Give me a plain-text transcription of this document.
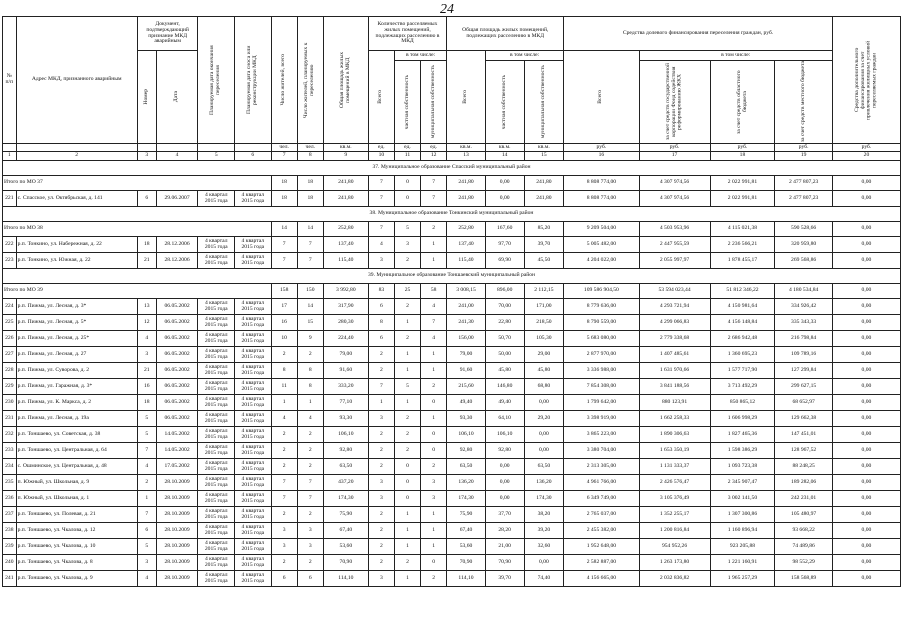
24
№ п/п	Адрес МКД, признанного аварийным	Документ, подтверждающий признание МКД аварийным		Планируемая дата окончания переселения	Планируемая дата сноса или реконструкции МКД	Число жителей, всего	Число жителей, планируемых к переселению	Общая площадь жилых помещений в МКД	Количество расселяемых жилых помещений, подлежащих расселению в МКД			Общая площадь жилых помещений, подлежащих расселению в МКД			Средства долевого финансирования переселения граждан, руб.				Средства дополнительного финансирования за счет привлечения жилищных условий переселяемых граждан

		Номер	Дата						Всего	в том числе:		Всего	в том числе:		Всего	в том числе:			

										частная собственность	муниципальная собственность		частная собственность	муниципальная собственность		за счет средств государственной корпорации Фонд содействия реформированию ЖКХ	за счет средств областного бюджета	за счет средств местного бюджета	

						чел.	чел.	кв.м.	ед.	ед.	ед.	кв.м.	кв.м.	кв.м.	руб.	руб.	руб.	руб.	руб.
1	2	3	4	5	6	7	8	9	10	11	12	13	14	15	16	17	18	19	20
37. Муниципальное образование Спасский муниципальный район																			
Итого по МО 37						18	18	241,80	7	0	7	241,80	0,00	241,80	8 808 774,00	4 307 974,56	2 022 991,81	2 477 807,23	0,00
221	с. Спасское, ул. Октябрьская, д. 141	6	29.06.2007	4 квартал 2015 года	4 квартал 2015 года	18	18	241,80	7	0	7	241,80	0,00	241,80	8 808 774,00	4 307 974,56	2 022 991,81	2 477 807,23	0,00
38. Муниципальное образование Тонкинский муниципальный район																			
Итого по МО 38						14	14	252,80	7	5	2	252,80	167,60	85,20	9 209 504,00	4 503 953,96	4 115 021,38	590 528,66	0,00
222	р.п. Тонкино, ул. Набережная, д. 22	18	28.12.2006	4 квартал 2015 года	4 квартал 2015 года	7	7	137,40	4	3	1	137,40	97,70	39,70	5 005 482,00	2 447 955,59	2 236 566,21	320 959,80	0,00
223	р.п. Тонкино, ул. Южная, д. 22	21	28.12.2006	4 квартал 2015 года	4 квартал 2015 года	7	7	115,40	3	2	1	115,40	69,90	45,50	4 204 022,00	2 055 997,97	1 878 455,17	269 568,86	0,00
39. Муниципальное образование Тоншаевский муниципальный район																			
Итого по МО 39						158	150	3 992,80	83	25	58	3 008,15	896,00	2 112,15	109 586 904,50	53 594 023,44	51 812 346,22	4 180 534,84	0,00
224	р.п. Пижма, ул. Лесная, д. 3*	13	06.05.2002	4 квартал 2015 года	4 квартал 2015 года	17	14	317,90	6	2	4	241,00	70,00	171,00	8 779 636,00	4 293 721,94	4 150 981,64	334 926,42	0,00
225	р.п. Пижма, ул. Лесная, д. 5*	12	06.05.2002	4 квартал 2015 года	4 квартал 2015 года	16	15	280,30	8	1	7	241,30	22,80	218,50	8 790 559,00	4 299 066,83	4 156 148,84	335 343,33	0,00
226	р.п. Пижма, ул. Лесная, д. 25*	4	06.05.2002	4 квартал 2015 года	4 квартал 2015 года	10	9	224,40	6	2	4	156,00	50,70	105,30	5 683 080,00	2 779 338,68	2 686 942,48	216 798,84	0,00
227	р.п. Пижма, ул. Лесная, д. 27	3	06.05.2002	4 квартал 2015 года	4 квартал 2015 года	2	2	79,00	2	1	1	79,00	50,00	29,00	2 877 970,00	1 407 485,61	1 360 695,23	109 789,16	0,00
228	р.п. Пижма, ул. Суворова, д. 2	21	06.05.2002	4 квартал 2015 года	4 квартал 2015 года	8	8	91,60	2	1	1	91,60	45,80	45,80	3 336 988,00	1 631 970,66	1 577 717,90	127 299,84	0,00
229	р.п. Пижма, ул. Гаражная, д. 3*	16	06.05.2002	4 квартал 2015 года	4 квартал 2015 года	11	8	333,20	7	5	2	215,60	146,80	68,80	7 854 308,00	3 841 188,56	3 713 492,29	299 627,15	0,00
230	р.п. Пижма, ул. К. Маркса, д. 2	18	06.05.2002	4 квартал 2015 года	4 квартал 2015 года	1	1	77,10	1	1	0	49,40	49,40	0,00	1 799 642,00	880 123,91	850 865,12	68 652,97	0,00
231	р.п. Пижма, ул. Лесная, д. 19а	5	06.05.2002	4 квартал 2015 года	4 квартал 2015 года	4	4	93,30	3	2	1	93,30	64,10	29,20	3 398 919,00	1 662 258,33	1 606 998,29	129 662,38	0,00
232	р.п. Тоншаево, ул. Советская, д. 38	5	14.05.2002	4 квартал 2015 года	4 квартал 2015 года	2	2	106,10	2	2	0	106,10	106,10	0,00	3 865 223,00	1 890 306,63	1 827 465,36	147 451,01	0,00
233	р.п. Тоншаево, ул. Центральная, д. 64	7	14.05.2002	4 квартал 2015 года	4 квартал 2015 года	2	2	92,80	2	2	0	92,80	92,80	0,00	3 380 704,00	1 653 350,19	1 598 386,29	128 967,52	0,00
234	с. Ошминское, ул. Центральная, д. 48	4	17.05.2002	4 квартал 2015 года	4 квартал 2015 года	2	2	63,50	2	0	2	63,50	0,00	63,50	2 313 305,00	1 131 333,37	1 093 723,38	88 248,25	0,00
235	п. Южный, ул. Школьная, д. 9	2	28.10.2009	4 квартал 2015 года	4 квартал 2015 года	7	7	437,20	3	0	3	136,20	0,00	136,20	4 961 766,00	2 426 576,47	2 345 907,47	189 282,06	0,00
236	п. Южный, ул. Школьная, д. 1	1	28.10.2009	4 квартал 2015 года	4 квартал 2015 года	7	7	174,30	3	0	3	174,30	0,00	174,30	6 349 749,00	3 105 376,49	3 002 141,50	242 231,01	0,00
237	р.п. Тоншаево, ул. Полевая, д. 21	7	28.10.2009	4 квартал 2015 года	4 квартал 2015 года	2	2	75,90	2	1	1	75,90	37,70	38,20	2 765 037,00	1 352 255,17	1 307 300,86	105 480,97	0,00
238	р.п. Тоншаево, ул. Чкалова, д. 12	6	28.10.2009	4 квартал 2015 года	4 квартал 2015 года	3	3	67,40	2	1	1	67,40	28,20	39,20	2 455 382,00	1 200 816,84	1 160 896,94	93 668,22	0,00
239	р.п. Тоншаево, ул. Чкалова, д. 10	5	28.10.2009	4 квартал 2015 года	4 квартал 2015 года	3	3	53,60	2	1	1	53,60	21,00	32,60	1 952 648,00	954 952,26	923 205,88	74 489,86	0,00
240	р.п. Тоншаево, ул. Чкалова, д. 8	3	28.10.2009	4 квартал 2015 года	4 квартал 2015 года	2	2	70,90	2	2	0	70,90	70,90	0,00	2 582 887,00	1 263 173,80	1 221 160,91	98 552,29	0,00
241	р.п. Тоншаево, ул. Чкалова, д. 9	4	28.10.2009	4 квартал 2015 года	4 квартал 2015 года	6	6	114,10	3	1	2	114,10	39,70	74,40	4 156 665,00	2 032 836,82	1 965 257,29	158 568,89	0,00
